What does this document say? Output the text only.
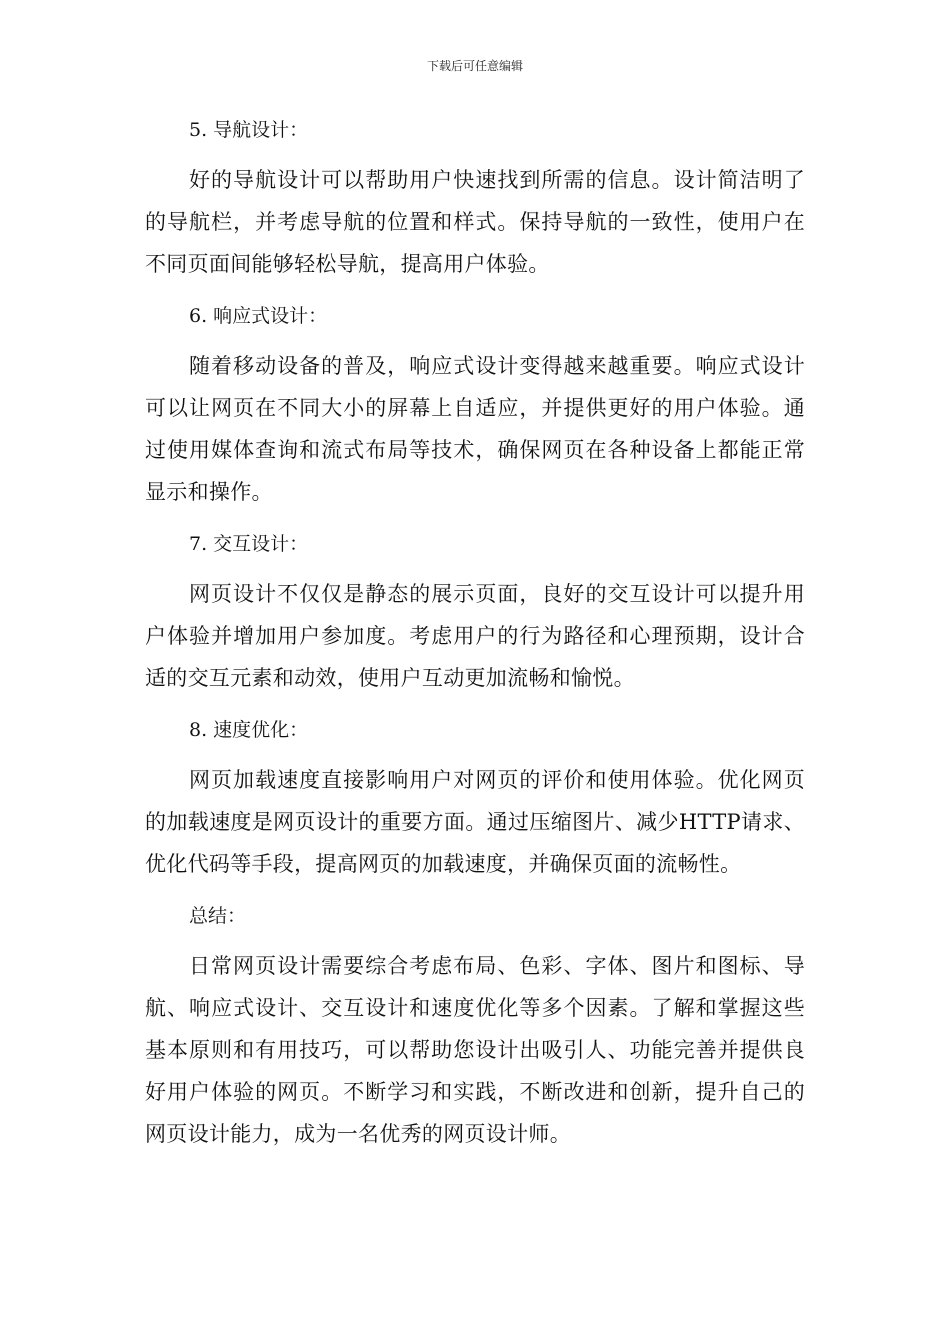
下载后可任意编辑
5. 导航设计：

好的导航设计可以帮助用户快速找到所需的信息。设计简洁明了的导航栏，并考虑导航的位置和样式。保持导航的一致性，使用户在不同页面间能够轻松导航，提高用户体验。

6. 响应式设计：

随着移动设备的普及，响应式设计变得越来越重要。响应式设计可以让网页在不同大小的屏幕上自适应，并提供更好的用户体验。通过使用媒体查询和流式布局等技术，确保网页在各种设备上都能正常显示和操作。

7. 交互设计：

网页设计不仅仅是静态的展示页面，良好的交互设计可以提升用户体验并增加用户参加度。考虑用户的行为路径和心理预期，设计合适的交互元素和动效，使用户互动更加流畅和愉悦。

8. 速度优化：

网页加载速度直接影响用户对网页的评价和使用体验。优化网页的加载速度是网页设计的重要方面。通过压缩图片、减少HTTP请求、优化代码等手段，提高网页的加载速度，并确保页面的流畅性。

总结：

日常网页设计需要综合考虑布局、色彩、字体、图片和图标、导航、响应式设计、交互设计和速度优化等多个因素。了解和掌握这些基本原则和有用技巧，可以帮助您设计出吸引人、功能完善并提供良好用户体验的网页。不断学习和实践，不断改进和创新，提升自己的网页设计能力，成为一名优秀的网页设计师。
